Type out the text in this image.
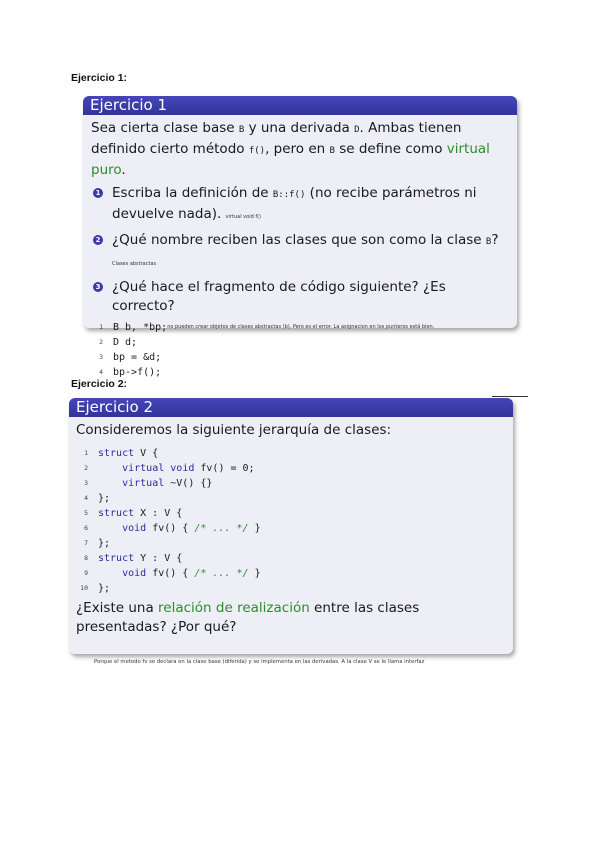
Ejercicio 1:
Ejercicio 1
Sea cierta clase base B y una derivada D. Ambas tienen definido cierto método f(), pero en B se define como virtual puro.
1 Escriba la definición de B::f() (no recibe parámetros ni devuelve nada). virtual void f()
2 ¿Qué nombre reciben las clases que son como la clase B?Clases abstractas
3 ¿Qué hace el fragmento de código siguiente? ¿Es correcto?
1 B b, *bp; no pueden crear objetos de clases abstractas (b). Pero es el error. La asignacion en los punteros está bien.
2 D d;
3 bp = &d;
4 bp->f();
Ejercicio 2:
Ejercicio 2
Consideremos la siguiente jerarquía de clases:
1 struct V {
2
	virtual
void fv() = 0;
3
	virtual ~V() {}
4 };
5 struct X : V {
6
	void fv() { /* ... */ }
7 };
8 struct Y : V {
9
	void fv() { /* ... */ }
10 };
¿Existe una relación de realización entre las clases presentadas? ¿Por qué?
Porque el metodo fv se declara en la clase base (diferida) y se implementa en las derivadas. A la clase V se le llama interfaz
